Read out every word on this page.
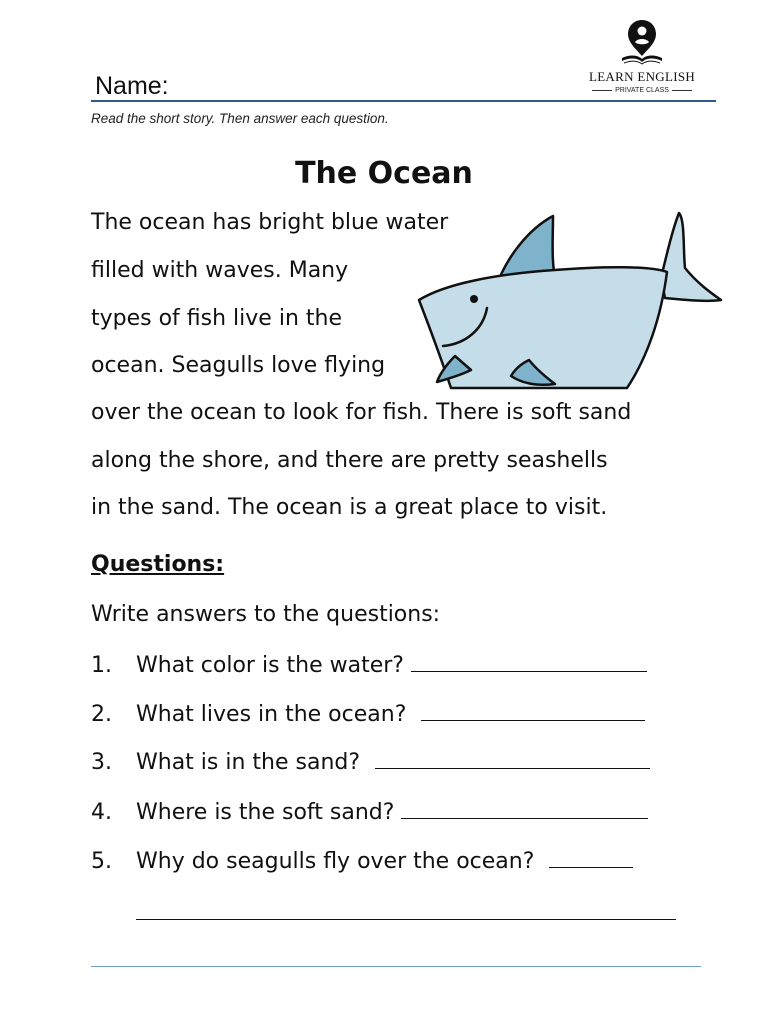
Name:
Read the short story. Then answer each question.
LEARN ENGLISH
PRIVATE CLASS
The Ocean
The ocean has bright blue water
filled with waves. Many
types of fish live in the
ocean. Seagulls love flying
over the ocean to look for fish. There is soft sand
along the shore, and there are pretty seashells
in the sand. The ocean is a great place to visit.
Questions:
Write answers to the questions:
1. What color is the water?
2. What lives in the ocean?
3. What is in the sand?
4. Where is the soft sand?
5. Why do seagulls fly over the ocean?
